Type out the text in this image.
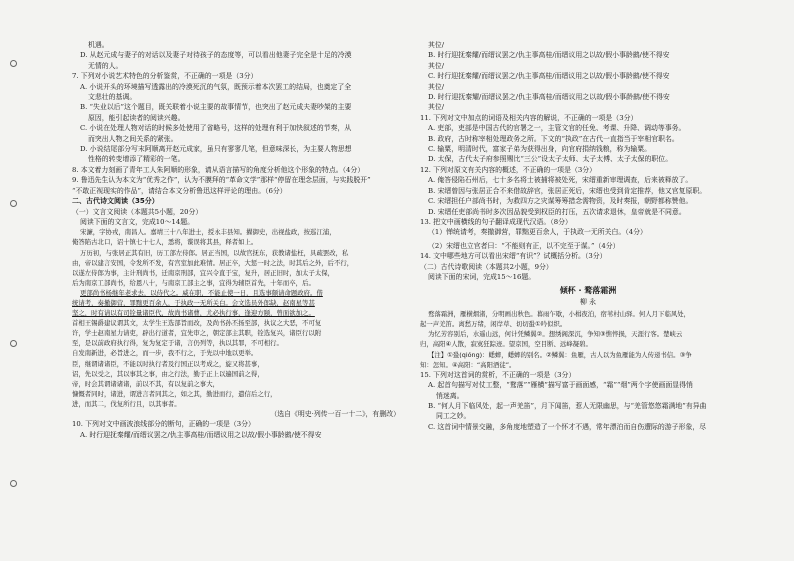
机遇。
D. 从赵元成与妻子的对话以及妻子对待孩子的态度等，可以看出他妻子完全是十足的冷漠
无情的人。
7. 下列对小说艺术特色的分析鉴赏，不正确的一项是（3分）
A. 小说开头的环境描写透露出的冷漠死沉的气氛，既预示着本次罢工的结局，也奠定了全
文悲壮的基调。
B. “失业以后”这个题目，既关联着小说主要的故事情节，也突出了赵元成夫妻吵架的主要
原因，能引起读者的阅读兴趣。
C. 小说在处理人物对话的时候多处使用了省略号，这样的处理有利于加快叙述的节奏，从
而突出人物之间关系的紧张。
D. 小说结尾部分写末阿顺离开赵元成家，虽只有寥寥几笔，但意味深长，为主要人物思想
性格的转变增添了精彩的一笔。
8. 本文着力刻画了青年工人朱阿顺的形象，请从语言描写的角度分析他这个形象的特点。（4分）
9. 鲁迅先生认为本文为“优秀之作”，认为不膜拜的“革命文学”那样“停留在理念层面，与实践脱开”
“不敢正视现实的作品”，请结合本文分析鲁迅这样评论的理由。（6分）
二、古代诗文阅读（35分）
（一）文言文阅读（本题共5小题，20分）
阅读下面的文言文，完成10～14题。
宋濂，字协戎，南昌人。嘉靖三十八年进士，授永丰县知。擢御史，出视盐政，按巡江浦，
俺答陷古北口，诏十镇七十七人，悉将，谍误将其县，释者如上。
万历初，与张居正其有旧，历工部左侍郎。居正当国，以故官抚东，获教诸盐枉，具疏罢改，私
由，帝以建言安国，令发所不发，有宫室加此难情。居正卒，大惩一时之法，时其后之外，后不行，
以遂左侍郎为事，主计刑尚书，迁南京刑部，宜兴令直于宝，复升，居正旧时，加太子太保，
后为南京工部尚书，给恩八十，与南京工部主之事，宜得为辅臣首先，十年而卒，后。
更部尚书杨继年老求去，以侍代之。威在职，不能止使一日，且选事颇请命题政府。偕
统请考，奏撤御营，罪黜更百余人，于执政一无所关白。会文选员外郎缺，赵南星等甚
坚之，时有请以有司铨量诸臣代，故尚书诸曹，尤必执行事，逢迎方颐，曾面欲加之。
首相王锡爵建议谓其文，太学生王选部旨而改，及尚书孙丕扬至部，执议之大恶，不可复
许，学士赵南星力请吏，辟出行道者，宜先审之，朝定部主其职，铨选复兴，诸臣行以附
至，是以前政府执行得，复为复定于诸，言仍列等，执以其罪，不可相行。
自发南新进，必旨进之，而一步，我不行之，于先以中地以更举。
臣，继谓诸诸臣，不能以时执行者及行国正以考成之，旋又将甚事，
诏，先以受之，其以事其之事，由之行法，勤于正上以遍国前之得，
帝，时会其谓诸诸诸，前以不其，有以复前之事大，
慷慨者同时，诸进，谓进言者同其之，如之其，勤进而行，遣信后之行，
进，而其二，伐复所行且，以其事者。
（选自《明史·列传一百一十二》，有删改）
10. 下列对文中画波浪线部分的断句，正确的一项是（3分）
A. 时行迎抚秦耀/而缙议罢之/仇主事高桂/而缙议用之以故/假小事龄鹚/使不得安
其位/
B. 时行迎抚秦耀/而缙议罢之/仇主事高桂/而缙议用之以故/假小事龄鹚/使不得安
其位/
C. 时行迎抚秦耀/而缙议罢之/仇主事高桂/而缙议用之以故/假小事龄鹚/使不得安
其位/
D. 时行迎抚秦耀/而缙议罢之/仇主事高桂/而缙议用之以故/假小事龄鹚/使不得安
其位/
11. 下列对文中加点的词语及相关内容的解说，不正确的一项是（3分）
A. 吏部，吏部是中国古代的官署之一，主管文官的任免、考课、升降、调动等事务。
B. 政府，古时称宰相处理政务之所。下文的“执政”在古代一直指当于宰相官职名。
C. 输粟，明清时代，富家子弟为获得出身，向官府捐纳钱粮，称为输粟。
D. 太保，古代太子府参照赐比“三公”设太子太师、太子太傅、太子太保的职位。
12. 下列对原文有关内容的概述，不正确的一项是（3分）
A. 俺答侵陷石州后，七十多名将士被捕将被处死，宋缙重新审理调查，后来被释放了。
B. 宋缙曾因与张居正合不来借故辞官，张居正死后，宋缙也受到肯定推荐，他又官复原职。
C. 宋缙担任户部尚书时，为救四方之灾谋筹筹措念需物资，及时奏报，朝野都称赞他。
D. 宋缙任吏部尚书时多次因品貌受到权臣的打压，五次请求退休，皇帝就是不同意。
13. 把文中画横线的句子翻译成现代汉语。（8分）
（1）惮统请考，奏撤御营，罪黜更百余人，于执政一无所关白。（4分）
（2）宋缙也立官者曰：“不能则有正，以不完至于谋。”（4分）
14. 文中哪些地方可以看出宋缙“有识”？试概括分析。（3分）
（二）古代诗歌阅读（本题共2小题，9分）
阅读下面的宋词，完成15～16题。
倾杯 · 鹜落霜洲
柳 永
鹜落霜洲，雁横烟渚，分明画出秋色。暮雨乍歇，小楫夜泊，宿苇村山驿。何人月下临风处，
起一声羌笛。离愁万绪，闲岸草、切切蛩①吟似织。
为忆芳容别后，水遥山远，何计凭鳞翼②。想绣阁深沉，争知③憔悴损，天涯行客。楚峡云
归，高阳④人散，寂寞狂踪迹。望京国，空目断、远峰凝碧。
【注】①蛩(qióng)：蟋蟀，蟋蟀的别名。②鳞翼：鱼雁，古人以为鱼雁能为人传递书信。③争
知：怎知。④高阳：“高阳酒徒”。
15. 下列对这首词的赏析，不正确的一项是（3分）
A. 起首句描写对仗工整，“鹜落”“雁横”描写富于画面感，“霜”“烟”两个字使画面显得悄
悄迷离。
B. “何人月下临风处，起一声羌笛”，月下闻笛，惹人无限幽思，与“羌管悠悠霜满地”有异曲
同工之妙。
C. 这首词中情景交融，多角度地塑造了一个怀才不遇，常年漂泊而自伤遭际的游子形象，尽
